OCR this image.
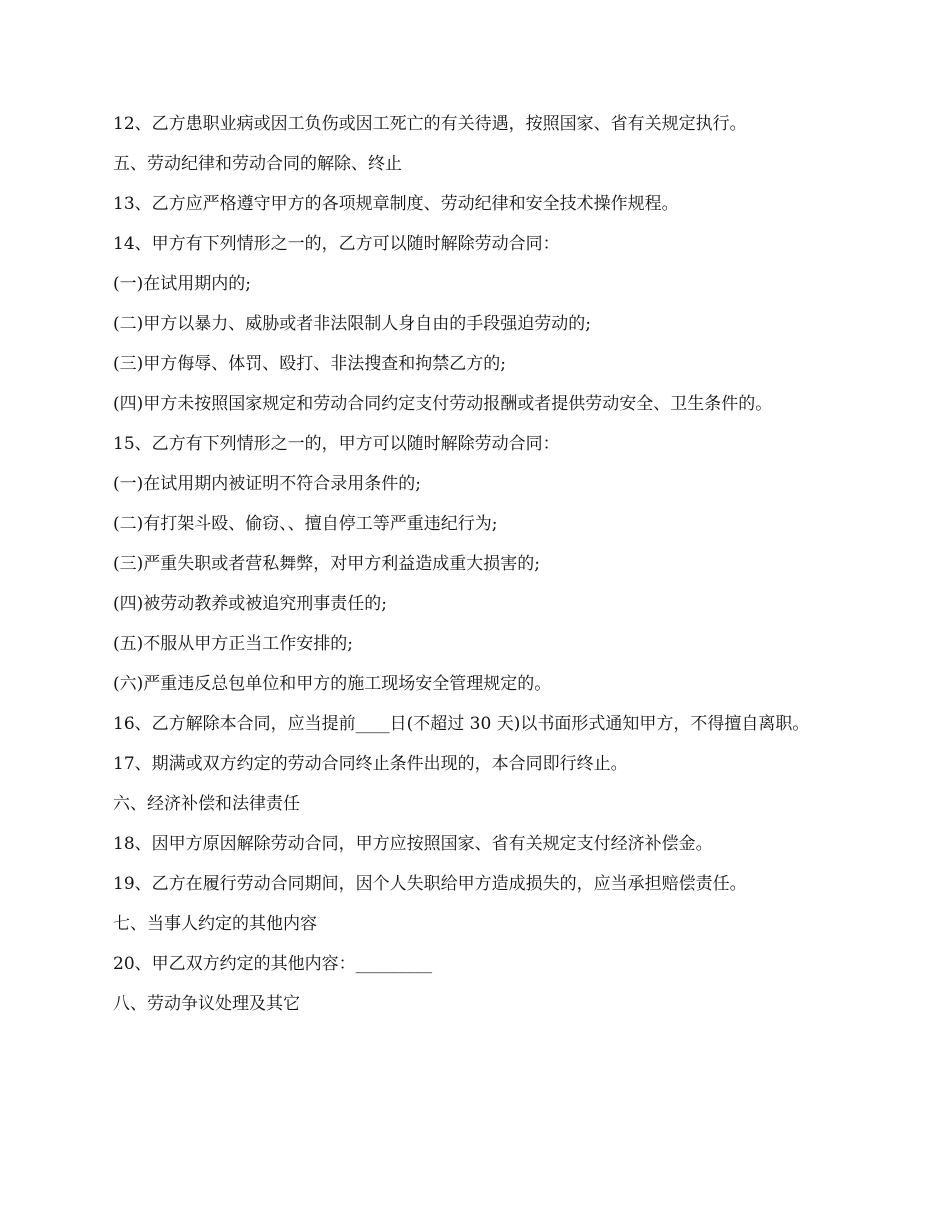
12、乙方患职业病或因工负伤或因工死亡的有关待遇，按照国家、省有关规定执行。

五、劳动纪律和劳动合同的解除、终止

13、乙方应严格遵守甲方的各项规章制度、劳动纪律和安全技术操作规程。

14、甲方有下列情形之一的，乙方可以随时解除劳动合同：

(一)在试用期内的;

(二)甲方以暴力、威胁或者非法限制人身自由的手段强迫劳动的;

(三)甲方侮辱、体罚、殴打、非法搜查和拘禁乙方的;

(四)甲方未按照国家规定和劳动合同约定支付劳动报酬或者提供劳动安全、卫生条件的。

15、乙方有下列情形之一的，甲方可以随时解除劳动合同：

(一)在试用期内被证明不符合录用条件的;

(二)有打架斗殴、偷窃、、擅自停工等严重违纪行为;

(三)严重失职或者营私舞弊，对甲方利益造成重大损害的;

(四)被劳动教养或被追究刑事责任的;

(五)不服从甲方正当工作安排的;

(六)严重违反总包单位和甲方的施工现场安全管理规定的。

16、乙方解除本合同，应当提前____日(不超过 30 天)以书面形式通知甲方，不得擅自离职。

17、期满或双方约定的劳动合同终止条件出现的，本合同即行终止。

六、经济补偿和法律责任

18、因甲方原因解除劳动合同，甲方应按照国家、省有关规定支付经济补偿金。

19、乙方在履行劳动合同期间，因个人失职给甲方造成损失的，应当承担赔偿责任。

七、当事人约定的其他内容

20、甲乙双方约定的其他内容：_________

八、劳动争议处理及其它
